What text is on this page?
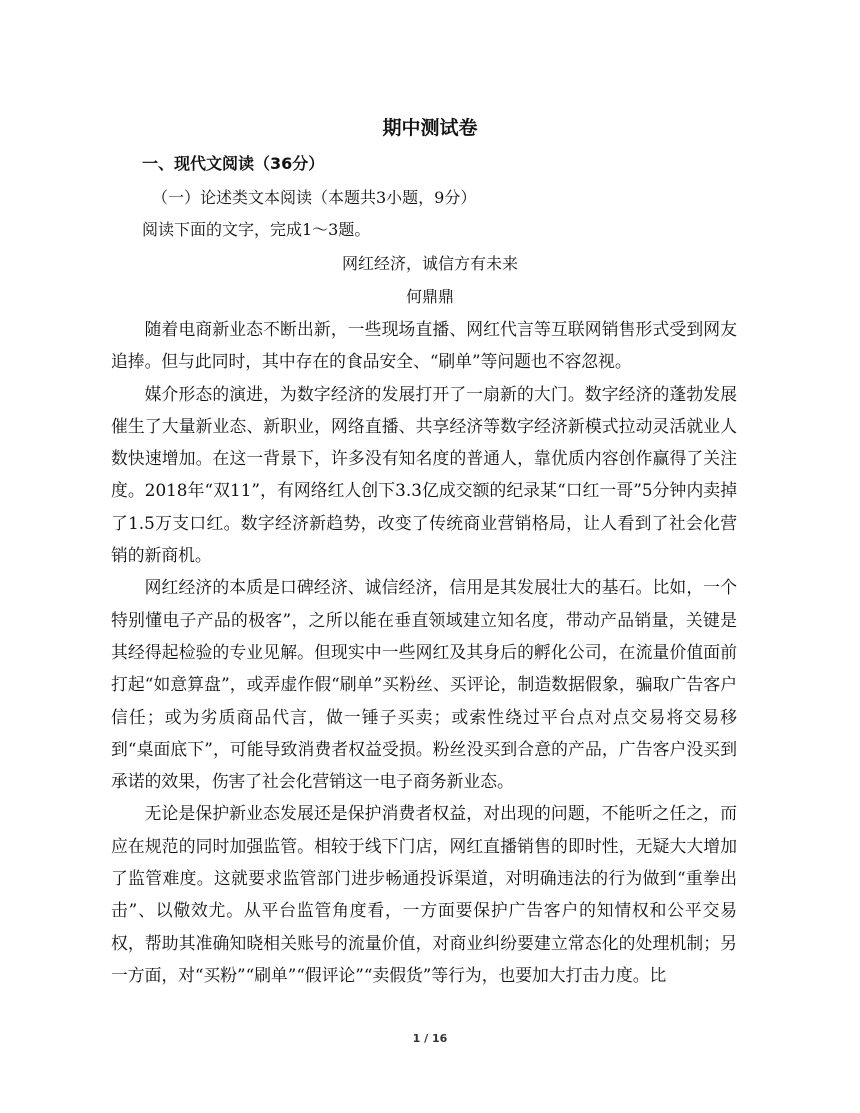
期中测试卷
一、现代文阅读（36分）
（一）论述类文本阅读（本题共3小题，9分）
阅读下面的文字，完成1～3题。
网红经济，诚信方有未来
何鼎鼎

随着电商新业态不断出新，一些现场直播、网红代言等互联网销售形式受到网友追捧。但与此同时，其中存在的食品安全、“刷单”等问题也不容忽视。

媒介形态的演进，为数字经济的发展打开了一扇新的大门。数字经济的蓬勃发展催生了大量新业态、新职业，网络直播、共享经济等数字经济新模式拉动灵活就业人数快速增加。在这一背景下，许多没有知名度的普通人，靠优质内容创作赢得了关注度。2018年“双11”，有网络红人创下3.3亿成交额的纪录某“口红一哥”5分钟内卖掉了1.5万支口红。数字经济新趋势，改变了传统商业营销格局，让人看到了社会化营销的新商机。

网红经济的本质是口碑经济、诚信经济，信用是其发展壮大的基石。比如，一个特别懂电子产品的极客”，之所以能在垂直领域建立知名度，带动产品销量，关键是其经得起检验的专业见解。但现实中一些网红及其身后的孵化公司，在流量价值面前打起“如意算盘”，或弄虚作假“刷单”买粉丝、买评论，制造数据假象，骗取广告客户信任；或为劣质商品代言，做一锤子买卖；或索性绕过平台点对点交易将交易移到“桌面底下”，可能导致消费者权益受损。粉丝没买到合意的产品，广告客户没买到承诺的效果，伤害了社会化营销这一电子商务新业态。

无论是保护新业态发展还是保护消费者权益，对出现的问题，不能听之任之，而应在规范的同时加强监管。相较于线下门店，网红直播销售的即时性，无疑大大增加了监管难度。这就要求监管部门进步畅通投诉渠道，对明确违法的行为做到“重拳出击”、以儆效尤。从平台监管角度看，一方面要保护广告客户的知情权和公平交易权，帮助其准确知晓相关账号的流量价值，对商业纠纷要建立常态化的处理机制；另一方面，对“买粉”“刷单”“假评论”“卖假货”等行为，也要加大打击力度。比

1 / 16
